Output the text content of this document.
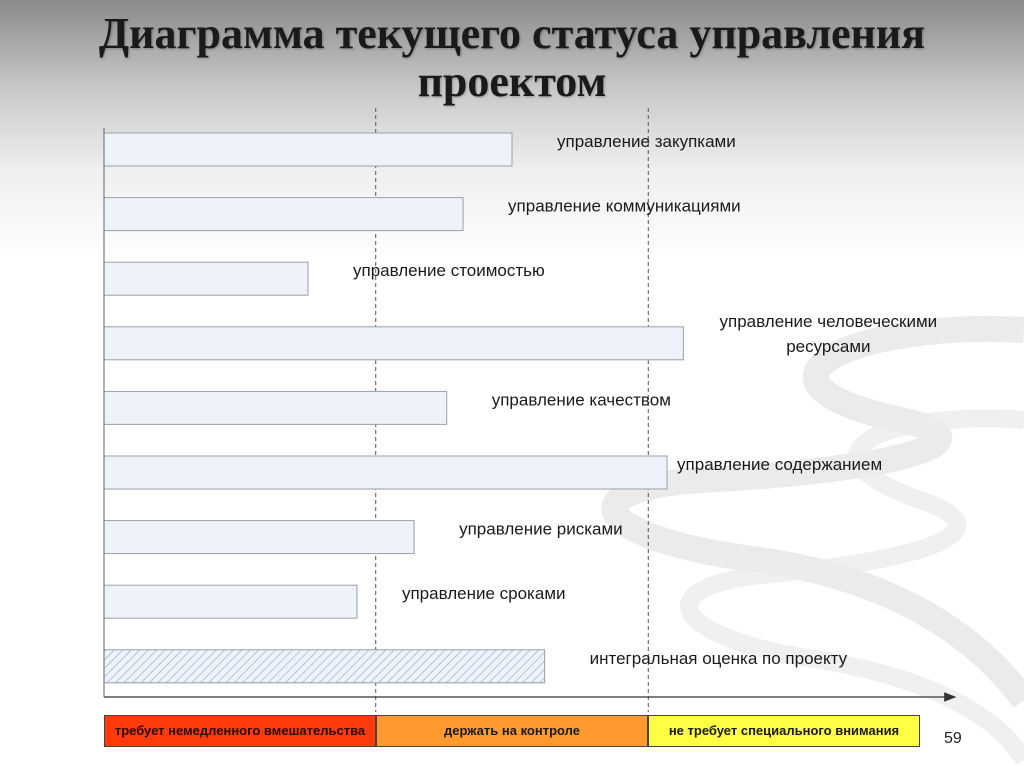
Диаграмма текущего статуса управления проектом
управление закупками
управление коммуникациями
управление стоимостью
управление человеческими ресурсами
управление качеством
управление содержанием
управление рисками
управление сроками
интегральная оценка по проекту
требует немедленного вмешательства	держать на контроле	не требует специального внимания	59
